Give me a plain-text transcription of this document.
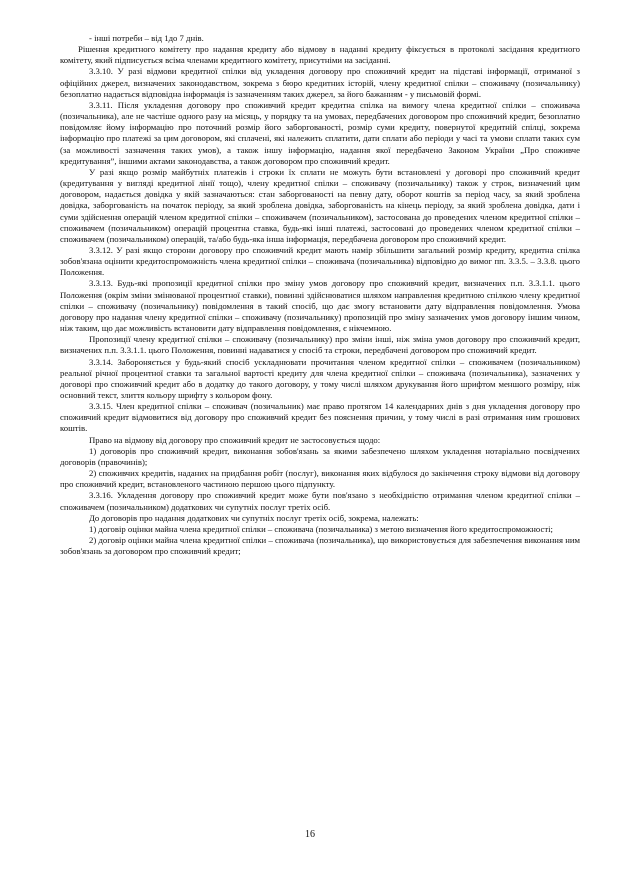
- інші потреби – від 1до 7 днів.

Рішення кредитного комітету про надання кредиту або відмову в наданні кредиту фіксується в протоколі засідання кредитного комітету, який підписується всіма членами кредитного комітету, присутніми на засіданні.

3.3.10. У разі відмови кредитної спілки від укладення договору про споживчий кредит на підставі інформації, отриманої з офіційних джерел, визначених законодавством, зокрема з бюро кредитних історій, члену кредитної спілки – споживачу (позичальнику) безоплатно надається відповідна інформація із зазначенням таких джерел, за його бажанням - у письмовій формі.

3.3.11. Після укладення договору про споживчий кредит кредитна спілка на вимогу члена кредитної спілки – споживача (позичальника), але не частіше одного разу на місяць, у порядку та на умовах, передбачених договором про споживчий кредит, безоплатно повідомляє йому інформацію про поточний розмір його заборгованості, розмір суми кредиту, повернутої кредитній спілці, зокрема інформацію про платежі за цим договором, які сплачені, які належить сплатити, дати сплати або періоди у часі та умови сплати таких сум (за можливості зазначення таких умов), а також іншу інформацію, надання якої передбачено Законом України „Про споживче кредитування”, іншими актами законодавства, а також договором про споживчий кредит.

У разі якщо розмір майбутніх платежів і строки їх сплати не можуть бути встановлені у договорі про споживчий кредит (кредитування у вигляді кредитної лінії тощо), члену кредитної спілки – споживачу (позичальнику) також у строк, визначений цим договором, надається довідка у якій зазначаються: стан заборгованості на певну дату, оборот коштів за період часу, за який зроблена довідка, заборгованість на початок періоду, за який зроблена довідка, заборгованість на кінець періоду, за який зроблена довідка, дати і суми здійснення операцій членом кредитної спілки – споживачем (позичальником), застосована до проведених членом кредитної спілки – споживачем (позичальником) операцій процентна ставка, будь-які інші платежі, застосовані до проведених членом кредитної спілки – споживачем (позичальником) операцій, та/або будь-яка інша інформація, передбачена договором про споживчий кредит.

3.3.12. У разі якщо сторони договору про споживчий кредит мають намір збільшити загальний розмір кредиту, кредитна спілка зобов'язана оцінити кредитоспроможність члена кредитної спілки – споживача (позичальника) відповідно до вимог пп. 3.3.5. – 3.3.8. цього Положення.

3.3.13. Будь-які пропозиції кредитної спілки про зміну умов договору про споживчий кредит, визначених п.п. 3.3.1.1. цього Положення (окрім зміни змінюваної процентної ставки), повинні здійснюватися шляхом направлення кредитною спілкою члену кредитної спілки – споживачу (позичальнику) повідомлення в такий спосіб, що дає змогу встановити дату відправлення повідомлення. Умова договору про надання члену кредитної спілки – споживачу (позичальнику) пропозицій про зміну зазначених умов договору іншим чином, ніж таким, що дає можливість встановити дату відправлення повідомлення, є нікчемною.

Пропозиції члену кредитної спілки – споживачу (позичальнику) про зміни інші, ніж зміна умов договору про споживчий кредит, визначених п.п. 3.3.1.1. цього Положення, повинні надаватися у спосіб та строки, передбачені договором про споживчий кредит.

3.3.14. Забороняється у будь-який спосіб ускладнювати прочитання членом кредитної спілки – споживачем (позичальником) реальної річної процентної ставки та загальної вартості кредиту для члена кредитної спілки – споживача (позичальника), зазначених у договорі про споживчий кредит або в додатку до такого договору, у тому числі шляхом друкування його шрифтом меншого розміру, ніж основний текст, злиття кольору шрифту з кольором фону.

3.3.15. Член кредитної спілки – споживач (позичальник) має право протягом 14 календарних днів з дня укладення договору про споживчий кредит відмовитися від договору про споживчий кредит без пояснення причин, у тому числі в разі отримання ним грошових коштів.

Право на відмову від договору про споживчий кредит не застосовується щодо:

1) договорів про споживчий кредит, виконання зобов'язань за якими забезпечено шляхом укладення нотаріально посвідчених договорів (правочинів);

2) споживчих кредитів, наданих на придбання робіт (послуг), виконання яких відбулося до закінчення строку відмови від договору про споживчий кредит, встановленого частиною першою цього підпункту.

3.3.16. Укладення договору про споживчий кредит може бути пов'язано з необхідністю отримання членом кредитної спілки – споживачем (позичальником) додаткових чи супутніх послуг третіх осіб.

До договорів про надання додаткових чи супутніх послуг третіх осіб, зокрема, належать:

1) договір оцінки майна члена кредитної спілки – споживача (позичальника) з метою визначення його кредитоспроможності;

2) договір оцінки майна члена кредитної спілки – споживача (позичальника), що використовується для забезпечення виконання ним зобов'язань за договором про споживчий кредит;

16
